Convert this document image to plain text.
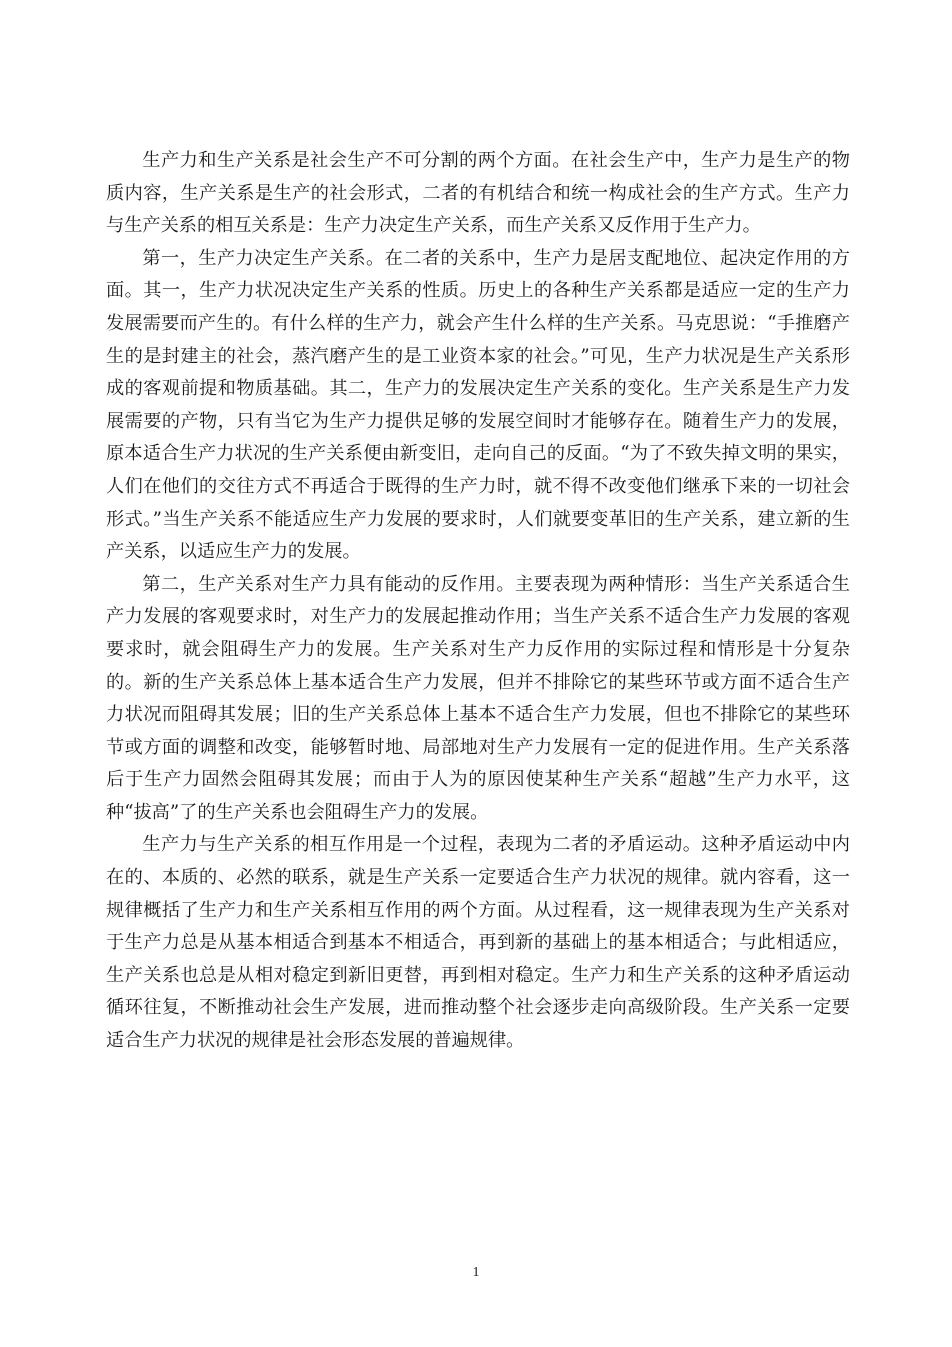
生产力和生产关系是社会生产不可分割的两个方面。在社会生产中，生产力是生产的物质内容，生产关系是生产的社会形式，二者的有机结合和统一构成社会的生产方式。生产力与生产关系的相互关系是：生产力决定生产关系，而生产关系又反作用于生产力。

第一，生产力决定生产关系。在二者的关系中，生产力是居支配地位、起决定作用的方面。其一，生产力状况决定生产关系的性质。历史上的各种生产关系都是适应一定的生产力发展需要而产生的。有什么样的生产力，就会产生什么样的生产关系。马克思说：“手推磨产生的是封建主的社会，蒸汽磨产生的是工业资本家的社会。”可见，生产力状况是生产关系形成的客观前提和物质基础。其二，生产力的发展决定生产关系的变化。生产关系是生产力发展需要的产物，只有当它为生产力提供足够的发展空间时才能够存在。随着生产力的发展，原本适合生产力状况的生产关系便由新变旧，走向自己的反面。“为了不致失掉文明的果实，人们在他们的交往方式不再适合于既得的生产力时，就不得不改变他们继承下来的一切社会形式。”当生产关系不能适应生产力发展的要求时，人们就要变革旧的生产关系，建立新的生产关系，以适应生产力的发展。

第二，生产关系对生产力具有能动的反作用。主要表现为两种情形：当生产关系适合生产力发展的客观要求时，对生产力的发展起推动作用；当生产关系不适合生产力发展的客观要求时，就会阻碍生产力的发展。生产关系对生产力反作用的实际过程和情形是十分复杂的。新的生产关系总体上基本适合生产力发展，但并不排除它的某些环节或方面不适合生产力状况而阻碍其发展；旧的生产关系总体上基本不适合生产力发展，但也不排除它的某些环节或方面的调整和改变，能够暂时地、局部地对生产力发展有一定的促进作用。生产关系落后于生产力固然会阻碍其发展；而由于人为的原因使某种生产关系“超越”生产力水平，这种“拔高”了的生产关系也会阻碍生产力的发展。

生产力与生产关系的相互作用是一个过程，表现为二者的矛盾运动。这种矛盾运动中内在的、本质的、必然的联系，就是生产关系一定要适合生产力状况的规律。就内容看，这一规律概括了生产力和生产关系相互作用的两个方面。从过程看，这一规律表现为生产关系对于生产力总是从基本相适合到基本不相适合，再到新的基础上的基本相适合；与此相适应，生产关系也总是从相对稳定到新旧更替，再到相对稳定。生产力和生产关系的这种矛盾运动循环往复，不断推动社会生产发展，进而推动整个社会逐步走向高级阶段。生产关系一定要适合生产力状况的规律是社会形态发展的普遍规律。

1
